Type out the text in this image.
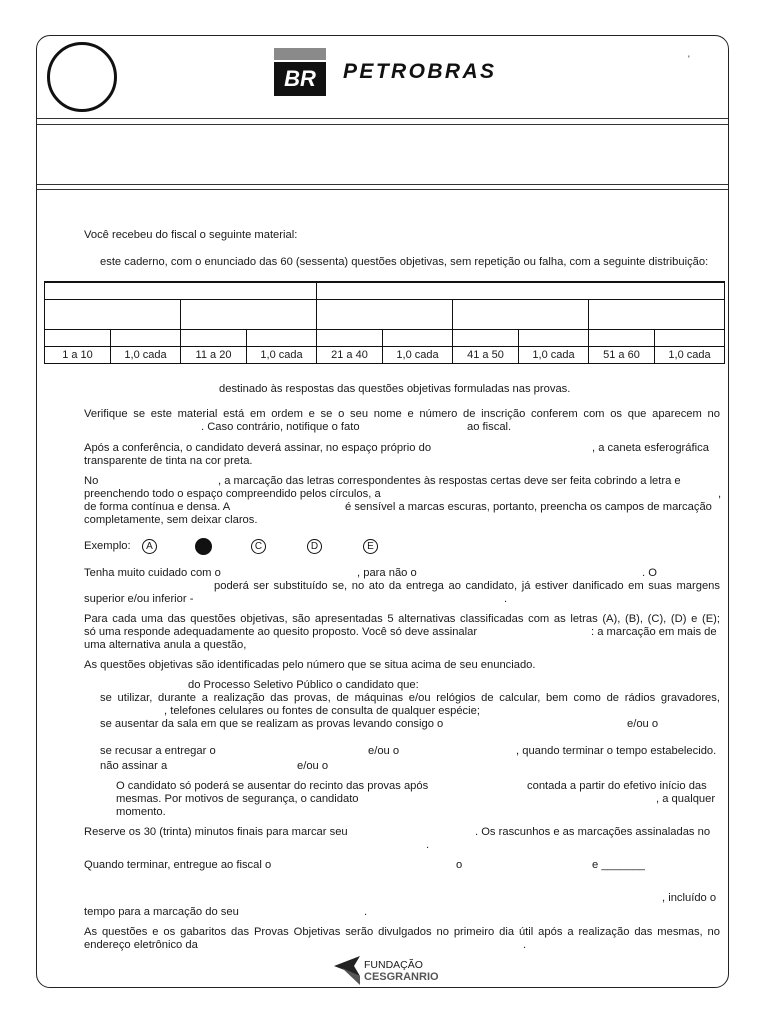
BR	PETROBRAS
'
Você recebeu do fiscal o seguinte material:
este caderno, com o enunciado das 60 (sessenta) questões objetivas, sem repetição ou falha, com a seguinte distribuição:

1 a 10	1,0 cada	11 a 20	1,0 cada	21 a 40	1,0 cada	41 a 50	1,0 cada	51 a 60	1,0 cada
destinado às respostas das questões objetivas formuladas nas provas.
Verifique se este material está em ordem e se o seu nome e número de inscrição conferem com os que aparecem no
. Caso contrário, notifique o fato	ao fiscal.
Após a conferência, o candidato deverá assinar, no espaço próprio do	, a caneta esferográfica
transparente de tinta na cor preta.
No	, a marcação das letras correspondentes às respostas certas deve ser feita cobrindo a letra e
preenchendo todo o espaço compreendido pelos círculos, a	,
de forma contínua e densa. A	é sensível a marcas escuras, portanto, preencha os campos de marcação
completamente, sem deixar claros.
Exemplo:	A	C	D	E
Tenha muito cuidado com o	, para não o	. O
poderá ser substituído se, no ato da entrega ao candidato, já estiver danificado em suas margens
superior e/ou inferior -	.
Para cada uma das questões objetivas, são apresentadas 5 alternativas classificadas com as letras (A), (B), (C), (D) e (E);
só uma responde adequadamente ao quesito proposto. Você só deve assinalar	: a marcação em mais de
uma alternativa anula a questão,
As questões objetivas são identificadas pelo número que se situa acima de seu enunciado.
do Processo Seletivo Público o candidato que:
se utilizar, durante a realização das provas, de máquinas e/ou relógios de calcular, bem como de rádios gravadores,
, telefones celulares ou fontes de consulta de qualquer espécie;
se ausentar da sala em que se realizam as provas levando consigo o	e/ou o
se recusar a entregar o	e/ou o	, quando terminar o tempo estabelecido.
não assinar a	e/ou o
O candidato só poderá se ausentar do recinto das provas após	contada a partir do efetivo início das
mesmas. Por motivos de segurança, o candidato	, a qualquer
momento.
Reserve os 30 (trinta) minutos finais para marcar seu	. Os rascunhos e as marcações assinaladas no
.
Quando terminar, entregue ao fiscal o	o	e _______
, incluído o
tempo para a marcação do seu	.
As questões e os gabaritos das Provas Objetivas serão divulgados no primeiro dia útil após a realização das mesmas, no
endereço eletrônico da	.
FUNDAÇÃO
CESGRANRIO
